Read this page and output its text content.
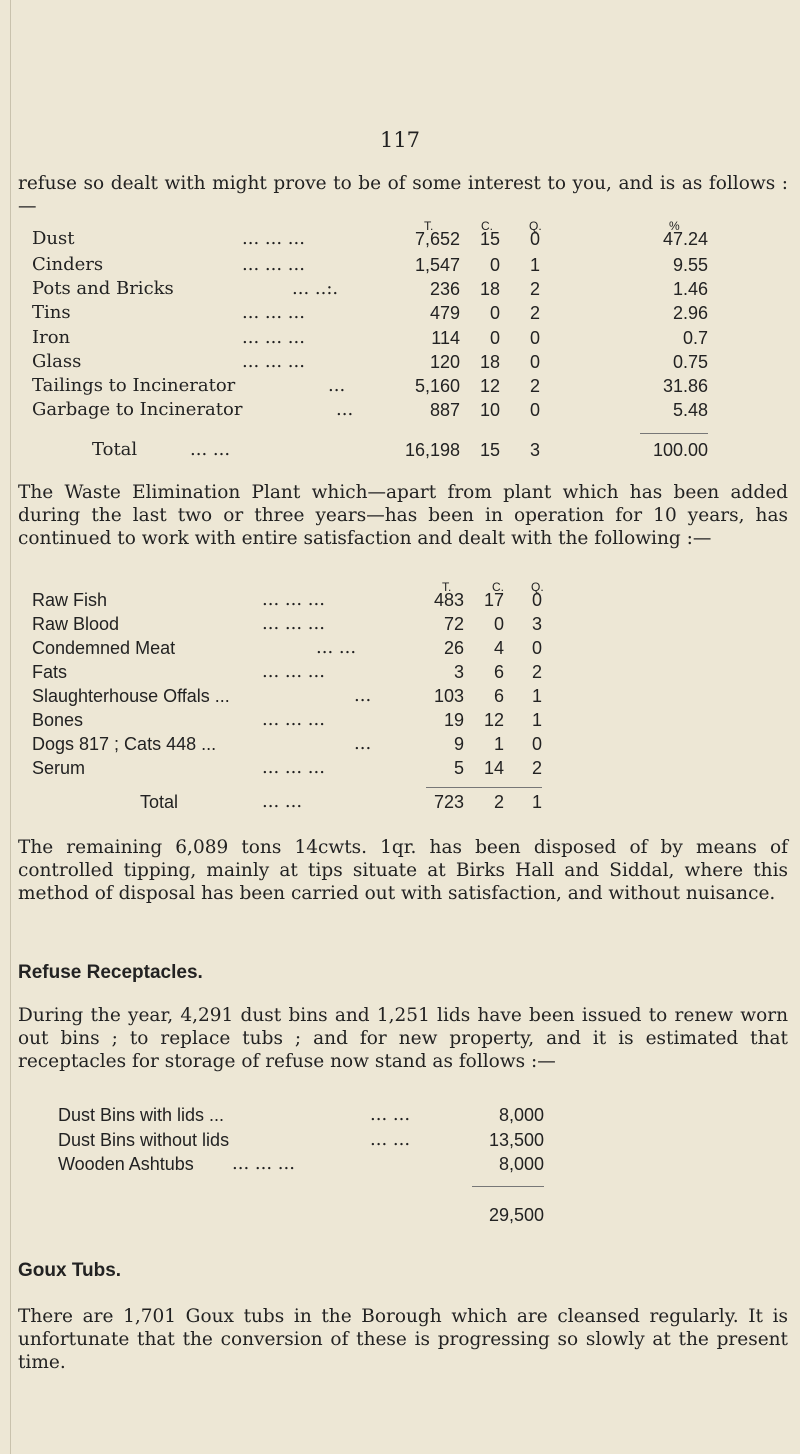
117

refuse so dealt with might prove to be of some interest to you, and is as follows :—

T.	C.	Q.	%
Dust	... ... ...	7,652	15	0	47.24
Cinders	... ... ...	1,547	0	1	9.55
Pots and Bricks	... ..:.	236	18	2	1.46
Tins	... ... ...	479	0	2	2.96
Iron	... ... ...	114	0	0	0.7
Glass	... ... ...	120	18	0	0.75
Tailings to Incinerator	...	5,160	12	2	31.86
Garbage to Incinerator	...	887	10	0	5.48
Total	... ...	16,198	15	3	100.00

The Waste Elimination Plant which—apart from plant which has been added during the last two or three years—has been in operation for 10 years, has continued to work with entire satisfaction and dealt with the following :—

T.	C. Q.
Raw Fish	... ... ...	483	17	0
Raw Blood	... ... ...	72	0	3
Condemned Meat	... ...	26	4	0
Fats	... ... ...	3	6	2
Slaughterhouse Offals ...	...	103	6	1
Bones	... ... ...	19	12	1
Dogs 817 ; Cats 448 ...	...	9	1	0
Serum	... ... ...	5	14	2
Total	... ...	723	2	1

The remaining 6,089 tons 14cwts. 1qr. has been disposed of by means of controlled tipping, mainly at tips situate at Birks Hall and Siddal, where this method of disposal has been carried out with satisfaction, and without nuisance.

Refuse Receptacles.

During the year, 4,291 dust bins and 1,251 lids have been issued to renew worn out bins ; to replace tubs ; and for new property, and it is estimated that receptacles for storage of refuse now stand as follows :—

Dust Bins with lids ...	... ...	8,000
Dust Bins without lids	... ...	13,500
Wooden Ashtubs ... ... ...	8,000
29,500
Goux Tubs.

There are 1,701 Goux tubs in the Borough which are cleansed regularly. It is unfortunate that the conversion of these is progressing so slowly at the present time.
